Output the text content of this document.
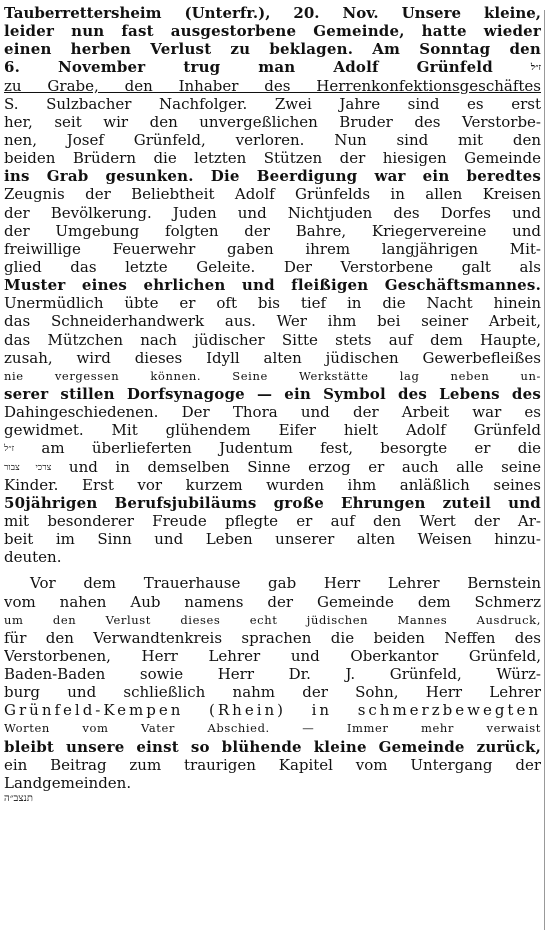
Tauberrettersheim (Unterfr.), 20. Nov. Unsere kleine,
leider nun fast ausgestorbene Gemeinde, hatte wieder
einen herben Verlust zu beklagen. Am Sonntag den
6. November trug man Adolf Grünfeld	ז״ל
zu Grabe, den Inhaber des Herrenkonfektionsgeschäftes
S. Sulzbacher Nachfolger. Zwei Jahre sind es erst
her, seit wir den unvergeßlichen Bruder des Verstorbe-
nen, Josef Grünfeld, verloren. Nun sind mit den
beiden Brüdern die letzten Stützen der hiesigen Gemeinde
ins Grab gesunken. Die Beerdigung war ein beredtes
Zeugnis der Beliebtheit Adolf Grünfelds in allen Kreisen
der Bevölkerung. Juden und Nichtjuden des Dorfes und
der Umgebung folgten der Bahre, Kriegervereine und
freiwillige Feuerwehr gaben ihrem langjährigen Mit-
glied das letzte Geleite. Der Verstorbene galt als
Muster eines ehrlichen und fleißigen Geschäftsmannes.
Unermüdlich übte er oft bis tief in die Nacht hinein
das Schneiderhandwerk aus. Wer ihm bei seiner Arbeit,
das Mützchen nach jüdischer Sitte stets auf dem Haupte,
zusah, wird dieses Idyll alten jüdischen Gewerbefleißes
nie vergessen können. Seine Werkstätte lag neben un-
serer stillen Dorfsynagoge — ein Symbol des Lebens des
Dahingeschiedenen. Der Thora und der Arbeit war es
gewidmet. Mit glühendem Eifer hielt Adolf Grünfeld
ז״ל am überlieferten Judentum fest, besorgte er die
צרכי צבור und in demselben Sinne erzog er auch alle seine
Kinder. Erst vor kurzem wurden ihm anläßlich seines
50jährigen Berufsjubiläums große Ehrungen zuteil und
mit besonderer Freude pflegte er auf den Wert der Ar-
beit im Sinn und Leben unserer alten Weisen hinzu-
deuten.
Vor dem Trauerhause gab Herr Lehrer Bernstein
vom nahen Aub namens der Gemeinde dem Schmerz
um den Verlust dieses echt jüdischen Mannes Ausdruck,
für den Verwandtenkreis sprachen die beiden Neffen des
Verstorbenen, Herr Lehrer und Oberkantor Grünfeld,
Baden-Baden sowie Herr Dr. J. Grünfeld, Würz-
burg und schließlich nahm der Sohn, Herr Lehrer
Grünfeld-Kempen (Rhein) in schmerzbewegten
Worten vom Vater Abschied. — Immer mehr verwaist
bleibt unsere einst so blühende kleine Gemeinde zurück,
ein Beitrag zum traurigen Kapitel vom Untergang der
Landgemeinden.
תנצב״ה
